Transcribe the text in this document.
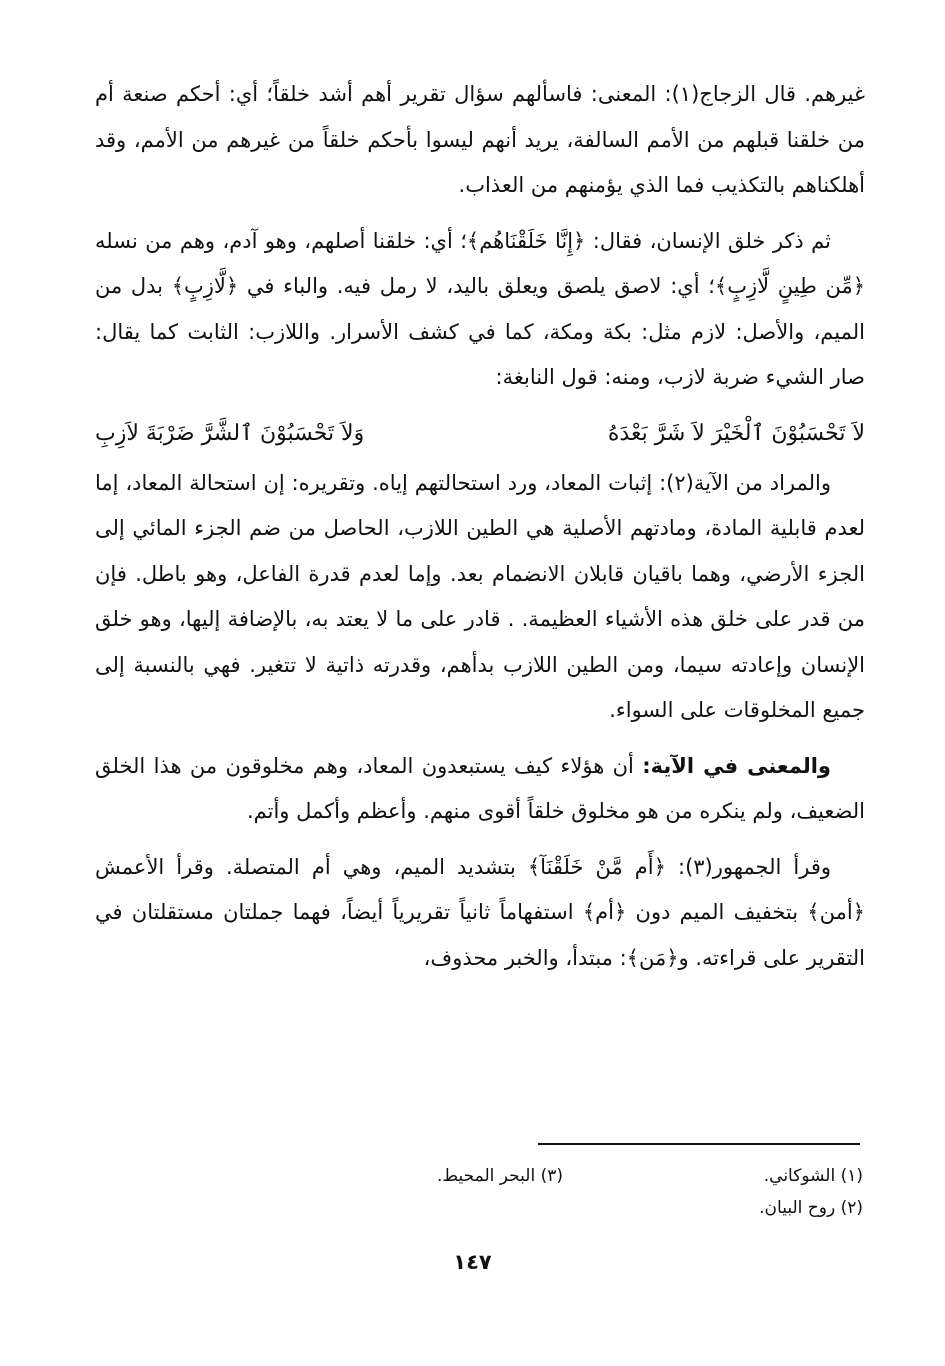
غيرهم. قال الزجاج(١): المعنى: فاسألهم سؤال تقرير أهم أشد خلقاً؛ أي: أحكم صنعة أم من خلقنا قبلهم من الأمم السالفة، يريد أنهم ليسوا بأحكم خلقاً من غيرهم من الأمم، وقد أهلكناهم بالتكذيب فما الذي يؤمنهم من العذاب.

ثم ذكر خلق الإنسان، فقال: ﴿إِنَّا خَلَقْنَاهُم﴾؛ أي: خلقنا أصلهم، وهو آدم، وهم من نسله ﴿مِّن طِينٍ لَّازِبٍ﴾؛ أي: لاصق يلصق ويعلق باليد، لا رمل فيه. والباء في ﴿لَّازِبٍ﴾ بدل من الميم، والأصل: لازم مثل: بكة ومكة، كما في كشف الأسرار. واللازب: الثابت كما يقال: صار الشيء ضربة لازب، ومنه: قول النابغة:

لاَ تَحْسَبُوْنَ ٱلْخَيْرَ لاَ شَرَّ بَعْدَهُ
وَلاَ تَحْسَبُوْنَ ٱلشَّرَّ ضَرْبَةَ لاَزِبِ

والمراد من الآية(٢): إثبات المعاد، ورد استحالتهم إياه. وتقريره: إن استحالة المعاد، إما لعدم قابلية المادة، ومادتهم الأصلية هي الطين اللازب، الحاصل من ضم الجزء المائي إلى الجزء الأرضي، وهما باقيان قابلان الانضمام بعد. وإما لعدم قدرة الفاعل، وهو باطل. فإن من قدر على خلق هذه الأشياء العظيمة. . قادر على ما لا يعتد به، بالإضافة إليها، وهو خلق الإنسان وإعادته سيما، ومن الطين اللازب بدأهم، وقدرته ذاتية لا تتغير. فهي بالنسبة إلى جميع المخلوقات على السواء.

والمعنى في الآية: أن هؤلاء كيف يستبعدون المعاد، وهم مخلوقون من هذا الخلق الضعيف، ولم ينكره من هو مخلوق خلقاً أقوى منهم. وأعظم وأكمل وأتم.

وقرأ الجمهور(٣): ﴿أَم مَّنْ خَلَقْنَآ﴾ بتشديد الميم، وهي أم المتصلة. وقرأ الأعمش ﴿أمن﴾ بتخفيف الميم دون ﴿أم﴾ استفهاماً ثانياً تقريرياً أيضاً، فهما جملتان مستقلتان في التقرير على قراءته. و﴿مَن﴾: مبتدأ، والخبر محذوف،

(١) الشوكاني.
(٣) البحر المحيط.
(٢) روح البيان.
١٤٧
